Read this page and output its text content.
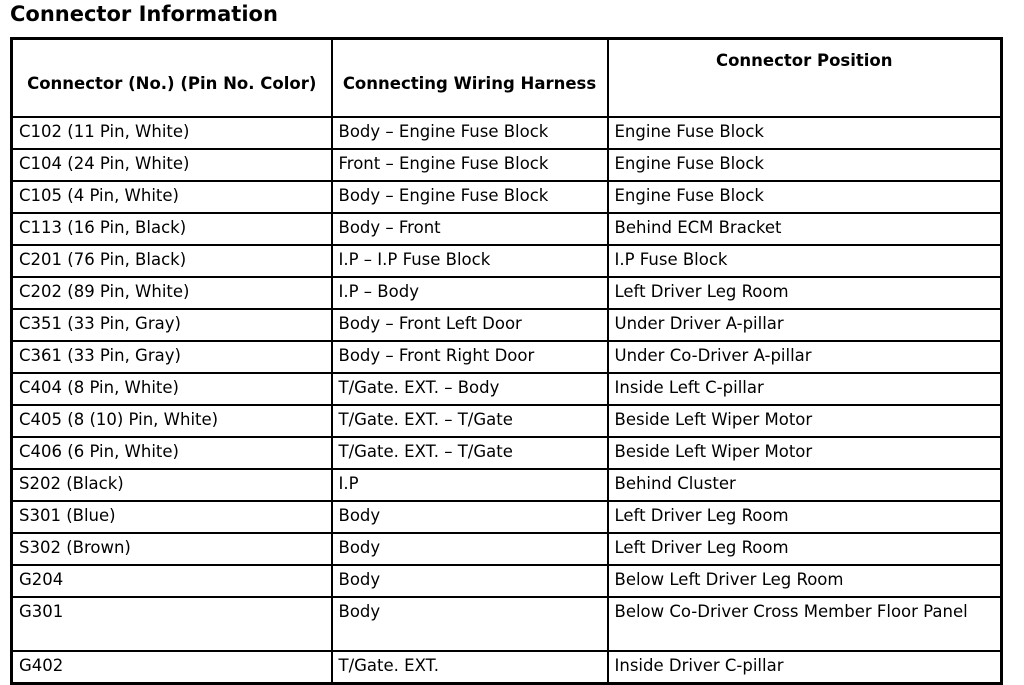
Connector Information
Connector (No.) (Pin No. Color)	Connecting Wiring Harness	Connector Position
C102 (11 Pin, White)	Body – Engine Fuse Block	Engine Fuse Block
C104 (24 Pin, White)	Front – Engine Fuse Block	Engine Fuse Block
C105 (4 Pin, White)	Body – Engine Fuse Block	Engine Fuse Block
C113 (16 Pin, Black)	Body – Front	Behind ECM Bracket
C201 (76 Pin, Black)	I.P – I.P Fuse Block	I.P Fuse Block
C202 (89 Pin, White)	I.P – Body	Left Driver Leg Room
C351 (33 Pin, Gray)	Body – Front Left Door	Under Driver A-pillar
C361 (33 Pin, Gray)	Body – Front Right Door	Under Co-Driver A-pillar
C404 (8 Pin, White)	T/Gate. EXT. – Body	Inside Left C-pillar
C405 (8 (10) Pin, White)	T/Gate. EXT. – T/Gate	Beside Left Wiper Motor
C406 (6 Pin, White)	T/Gate. EXT. – T/Gate	Beside Left Wiper Motor
S202 (Black)	I.P	Behind Cluster
S301 (Blue)	Body	Left Driver Leg Room
S302 (Brown)	Body	Left Driver Leg Room
G204	Body	Below Left Driver Leg Room
G301	Body	Below Co-Driver Cross Member Floor Panel
G402	T/Gate. EXT.	Inside Driver C-pillar
